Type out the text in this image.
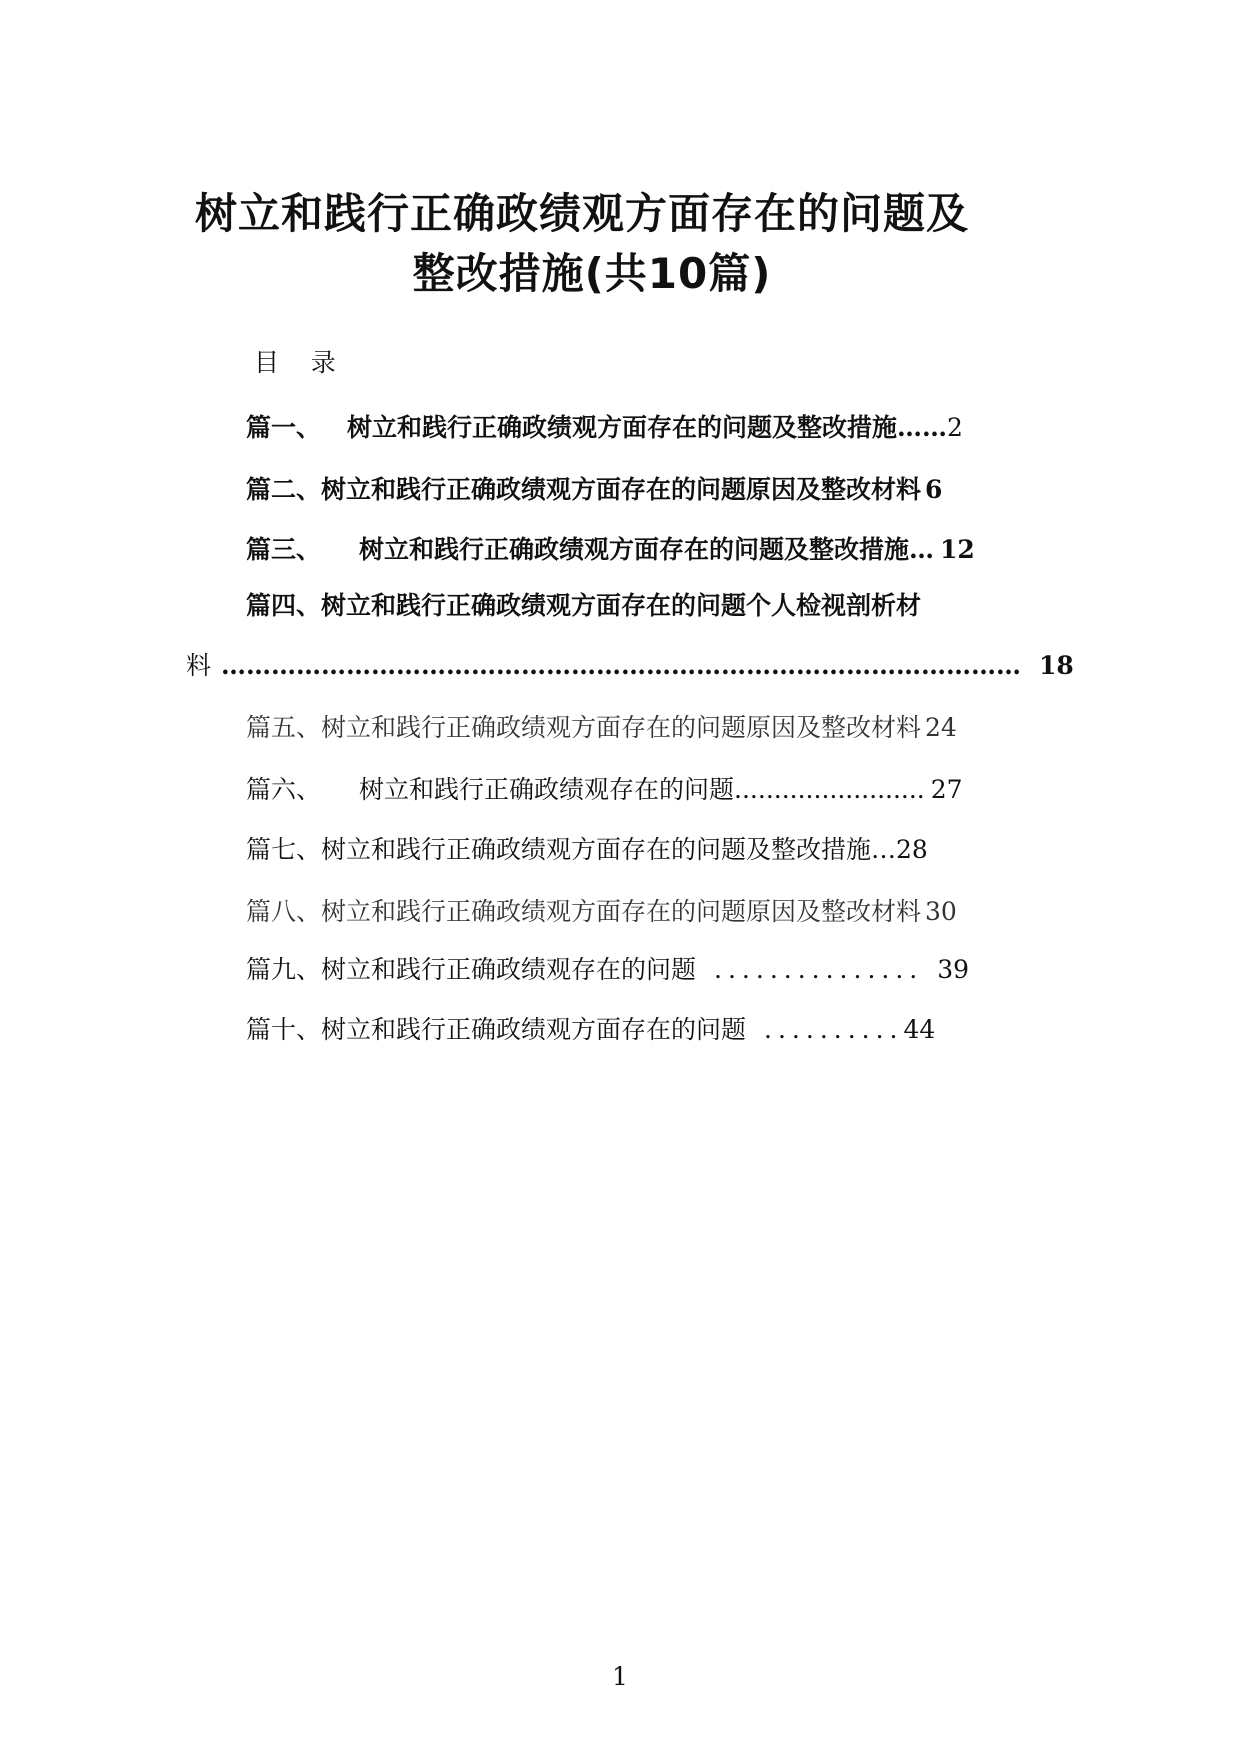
树立和践行正确政绩观方面存在的问题及
整改措施(共10篇)
目    录
篇一、 树立和践行正确政绩观方面存在的问题及整改措施……2
篇二、树立和践行正确政绩观方面存在的问题原因及整改材料 6
篇三、 树立和践行正确政绩观方面存在的问题及整改措施… 12
篇四、树立和践行正确政绩观方面存在的问题个人检视剖析材
料 …………………………………………………………………………………… 18
篇五、树立和践行正确政绩观方面存在的问题原因及整改材料 24
篇六、 树立和践行正确政绩观存在的问题........................ 27
篇七、树立和践行正确政绩观方面存在的问题及整改措施…28
篇八、树立和践行正确政绩观方面存在的问题原因及整改材料 30
篇九、树立和践行正确政绩观存在的问题 ............... 39
篇十、树立和践行正确政绩观方面存在的问题 ..........44
1
